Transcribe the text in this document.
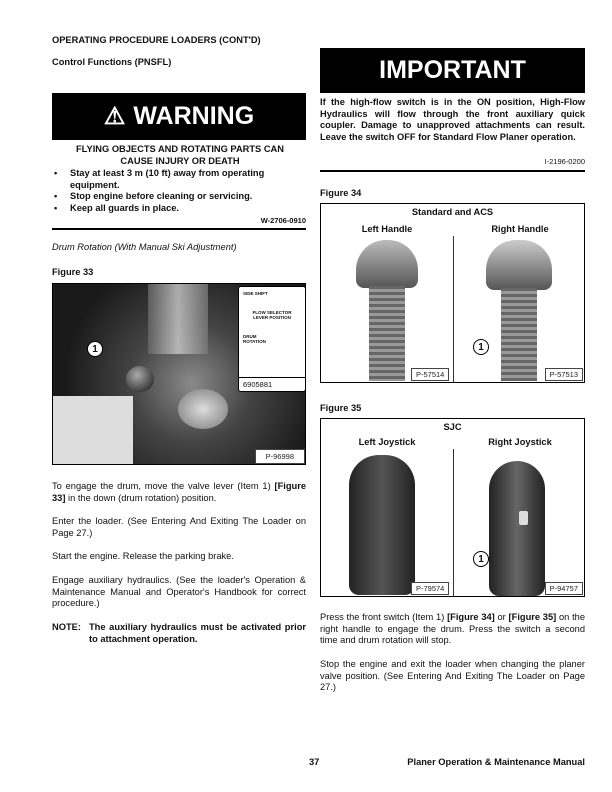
OPERATING PROCEDURE LOADERS (CONT'D)
Control Functions (PNSFL)
⚠ WARNING
FLYING OBJECTS AND ROTATING PARTS CAN CAUSE INJURY OR DEATH
• Stay at least 3 m (10 ft) away from operating equipment.
• Stop engine before cleaning or servicing.
• Keep all guards in place.
W-2706-0910
Drum Rotation (With Manual Ski Adjustment)
Figure 33
SIDE SHIFT
FLOW SELECTOR LEVER POSITION
DRUM ROTATION
6905881
1
P-96998
To engage the drum, move the valve lever (Item 1) [Figure 33] in the down (drum rotation) position.
Enter the loader. (See Entering And Exiting The Loader on Page 27.)
Start the engine. Release the parking brake.
Engage auxiliary hydraulics. (See the loader's Operation & Maintenance Manual and Operator's Handbook for correct procedure.)
NOTE: The auxiliary hydraulics must be activated prior to attachment operation.
IMPORTANT
If the high-flow switch is in the ON position, High-Flow Hydraulics will flow through the front auxiliary quick coupler. Damage to unapproved attachments can result. Leave the switch OFF for Standard Flow Planer operation.
I-2196-0200
Figure 34
Standard and ACS
Left Handle	Right Handle
1
P-57514	P-57513
Figure 35
SJC
Left Joystick	Right Joystick
1
P-79574	P-94757
Press the front switch (Item 1) [Figure 34] or [Figure 35] on the right handle to engage the drum. Press the switch a second time and drum rotation will stop.
Stop the engine and exit the loader when changing the planer valve position. (See Entering And Exiting The Loader on Page 27.)
37	Planer Operation & Maintenance Manual
